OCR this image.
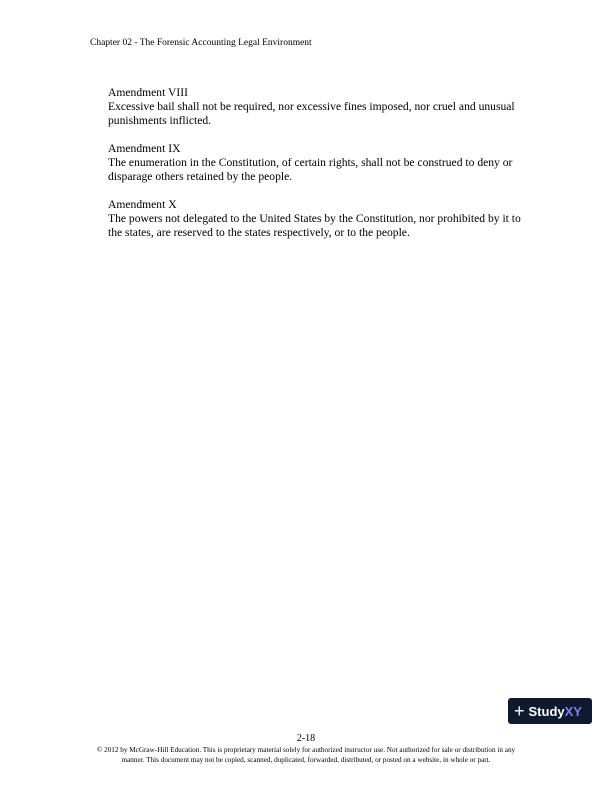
Chapter 02 - The Forensic Accounting Legal Environment
Amendment VIII
Excessive bail shall not be required, nor excessive fines imposed, nor cruel and unusual punishments inflicted.
Amendment IX
The enumeration in the Constitution, of certain rights, shall not be construed to deny or disparage others retained by the people.
Amendment X
The powers not delegated to the United States by the Constitution, nor prohibited by it to the states, are reserved to the states respectively, or to the people.
+ Study XY
2-18
© 2012 by McGraw-Hill Education. This is proprietary material solely for authorized instructor use. Not authorized for sale or distribution in any manner. This document may not be copied, scanned, duplicated, forwarded, distributed, or posted on a website, in whole or part.
